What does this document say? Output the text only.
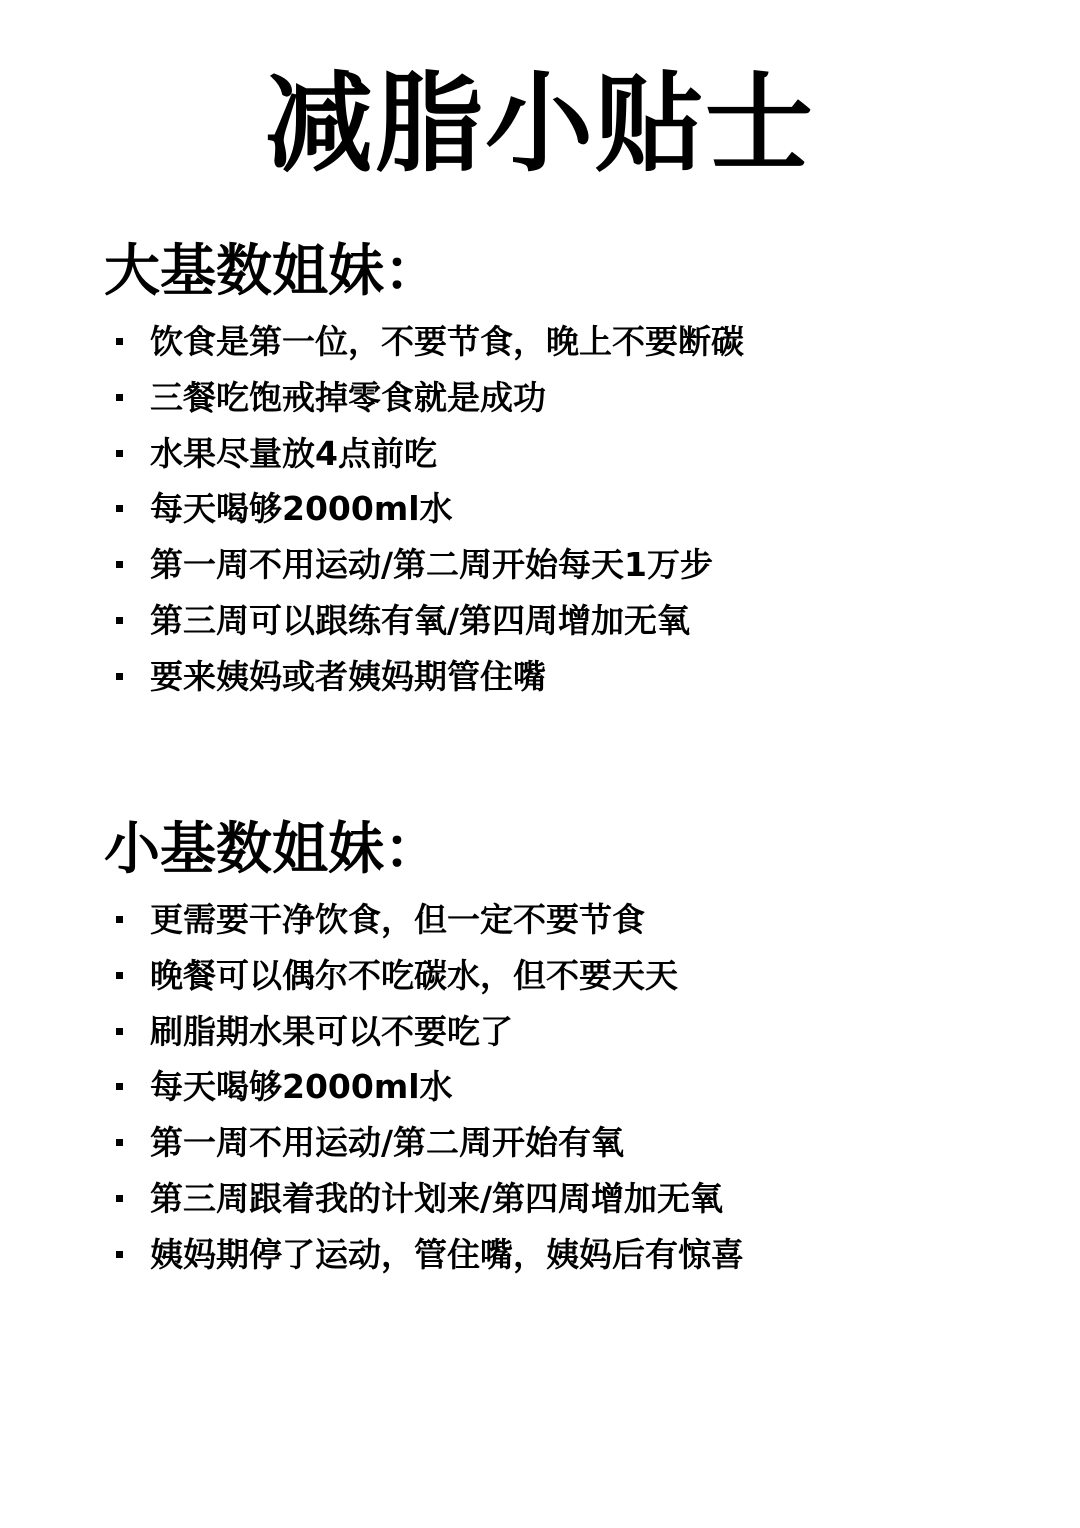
减脂小贴士
大基数姐妹：
饮食是第一位，不要节食，晚上不要断碳
三餐吃饱戒掉零食就是成功
水果尽量放4点前吃
每天喝够2000ml水
第一周不用运动/第二周开始每天1万步
第三周可以跟练有氧/第四周增加无氧
要来姨妈或者姨妈期管住嘴
小基数姐妹：
更需要干净饮食，但一定不要节食
晚餐可以偶尔不吃碳水，但不要天天
刷脂期水果可以不要吃了
每天喝够2000ml水
第一周不用运动/第二周开始有氧
第三周跟着我的计划来/第四周增加无氧
姨妈期停了运动，管住嘴，姨妈后有惊喜
